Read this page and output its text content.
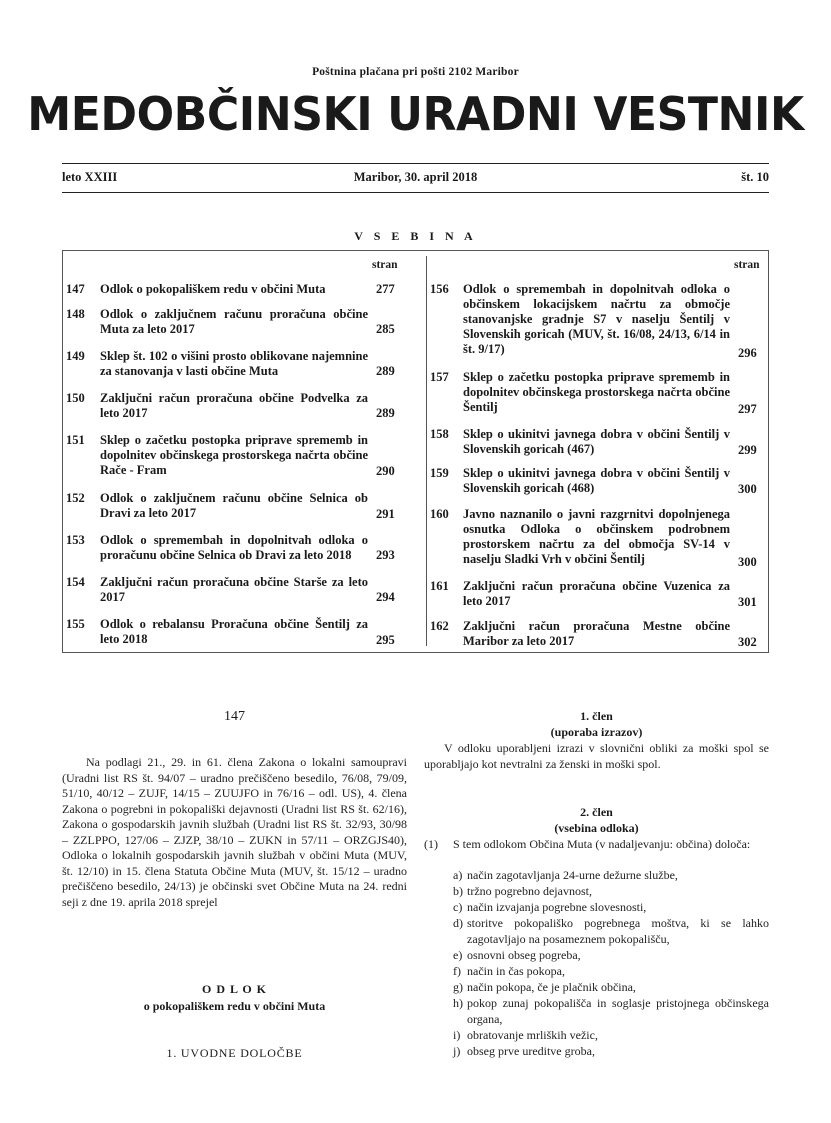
Poštnina plačana pri pošti 2102 Maribor
MEDOBČINSKI URADNI VESTNIK
leto XXIII	Maribor, 30. april 2018	št. 10
V S E B I N A
stran	stran
147 Odlok o pokopališkem redu v občini Muta	277
148 Odlok o zaključnem računu proračuna občine Muta za leto 2017	285
149 Sklep št. 102 o višini prosto oblikovane najemnine za stanovanja v lasti občine Muta	289
150 Zaključni račun proračuna občine Podvelka za leto 2017	289
151 Sklep o začetku postopka priprave sprememb in dopolnitev občinskega prostorskega načrta občine Rače - Fram	290
152 Odlok o zaključnem računu občine Selnica ob Dravi za leto 2017	291
153 Odlok o spremembah in dopolnitvah odloka o proračunu občine Selnica ob Dravi za leto 2018	293
154 Zaključni račun proračuna občine Starše za leto 2017	294
155 Odlok o rebalansu Proračuna občine Šentilj za leto 2018	295
156 Odlok o spremembah in dopolnitvah odloka o občinskem lokacijskem načrtu za območje stanovanjske gradnje S7 v naselju Šentilj v Slovenskih goricah (MUV, št. 16/08, 24/13, 6/14 in št. 9/17)	296
157 Sklep o začetku postopka priprave sprememb in dopolnitev občinskega prostorskega načrta občine Šentilj	297
158 Sklep o ukinitvi javnega dobra v občini Šentilj v Slovenskih goricah (467)	299
159 Sklep o ukinitvi javnega dobra v občini Šentilj v Slovenskih goricah (468)	300
160 Javno naznanilo o javni razgrnitvi dopolnjenega osnutka Odloka o občinskem podrobnem prostorskem načrtu za del območja SV-14 v naselju Sladki Vrh v občini Šentilj	300
161 Zaključni račun proračuna občine Vuzenica za leto 2017	301
162 Zaključni račun proračuna Mestne občine Maribor za leto 2017	302
147
Na podlagi 21., 29. in 61. člena Zakona o lokalni samoupravi (Uradni list RS št. 94/07 – uradno prečiščeno besedilo, 76/08, 79/09, 51/10, 40/12 – ZUJF, 14/15 – ZUUJFO in 76/16 – odl. US), 4. člena Zakona o pogrebni in pokopališki dejavnosti (Uradni list RS št. 62/16), Zakona o gospodarskih javnih službah (Uradni list RS št. 32/93, 30/98 – ZZLPPO, 127/06 – ZJZP, 38/10 – ZUKN in 57/11 – ORZGJS40), Odloka o lokalnih gospodarskih javnih službah v občini Muta (MUV, št. 12/10) in 15. člena Statuta Občine Muta (MUV, št. 15/12 – uradno prečiščeno besedilo, 24/13) je občinski svet Občine Muta na 24. redni seji z dne 19. aprila 2018 sprejel
O D L O K
o pokopališkem redu v občini Muta
1. UVODNE DOLOČBE
1. člen
(uporaba izrazov)
V odloku uporabljeni izrazi v slovnični obliki za moški spol se uporabljajo kot nevtralni za ženski in moški spol.
2. člen
(vsebina odloka)
(1) S tem odlokom Občina Muta (v nadaljevanju: občina) določa:
a) način zagotavljanja 24-urne dežurne službe,
b) tržno pogrebno dejavnost,
c) način izvajanja pogrebne slovesnosti,
d) storitve pokopališko pogrebnega moštva, ki se lahko zagotavljajo na posameznem pokopališču,
e) osnovni obseg pogreba,
f) način in čas pokopa,
g) način pokopa, če je plačnik občina,
h) pokop zunaj pokopališča in soglasje pristojnega občinskega organa,
i) obratovanje mrliških vežic,
j) obseg prve ureditve groba,
